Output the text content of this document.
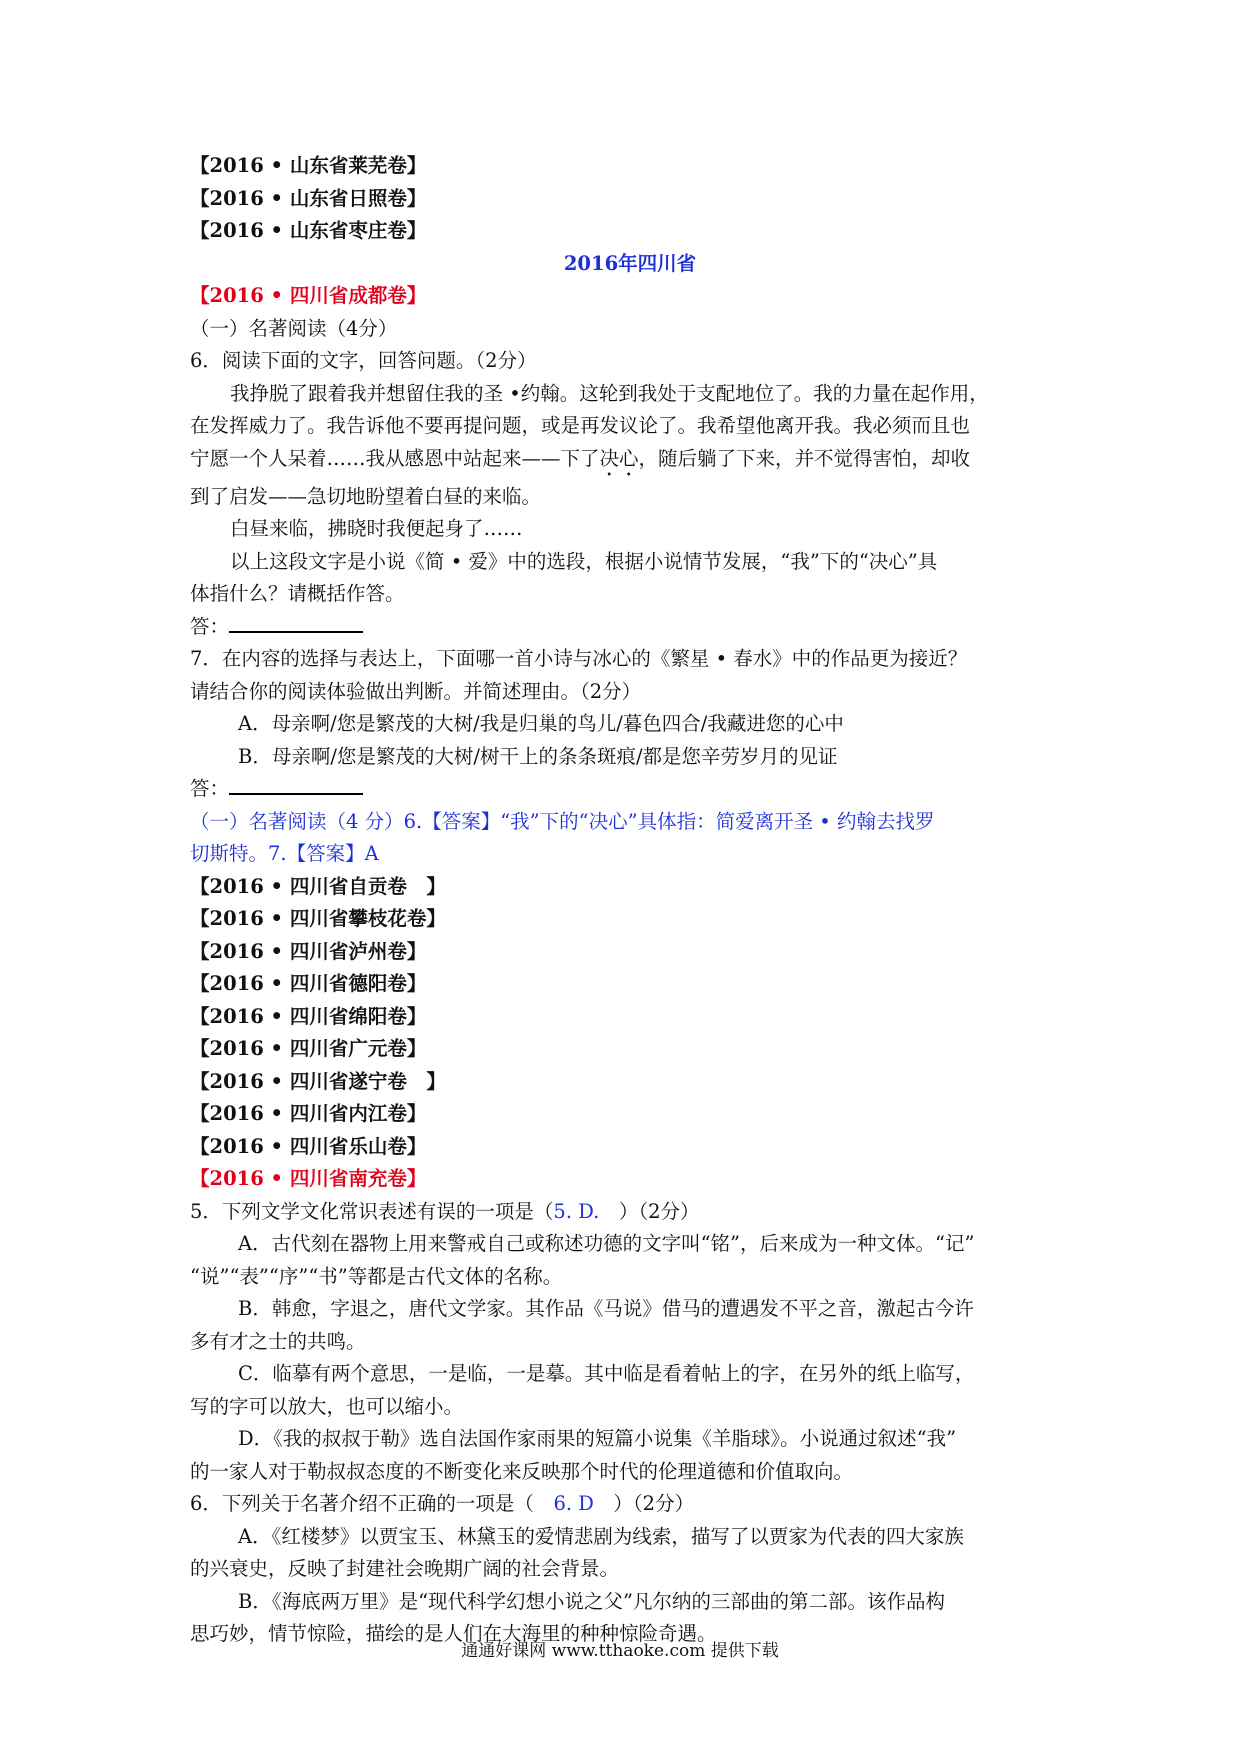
【2016 • 山东省莱芜卷】
【2016 • 山东省日照卷】
【2016 • 山东省枣庄卷】
2016年四川省
【2016 • 四川省成都卷】
（一）名著阅读（4分）
6．阅读下面的文字，回答问题。（2分）
我挣脱了跟着我并想留住我的圣 •约翰。这轮到我处于支配地位了。我的力量在起作用，
在发挥威力了。我告诉他不要再提问题，或是再发议论了。我希望他离开我。我必须而且也
宁愿一个人呆着……我从感恩中站起来——下了决心，随后躺了下来，并不觉得害怕，却收
到了启发——急切地盼望着白昼的来临。
白昼来临，拂晓时我便起身了……
以上这段文字是小说《简 • 爱》中的选段，根据小说情节发展，“我”下的“决心”具
体指什么？请概括作答。
答：
7．在内容的选择与表达上，下面哪一首小诗与冰心的《繁星 • 春水》中的作品更为接近？
请结合你的阅读体验做出判断。并简述理由。（2分）
A．母亲啊/您是繁茂的大树/我是归巢的鸟儿/暮色四合/我藏进您的心中
B．母亲啊/您是繁茂的大树/树干上的条条斑痕/都是您辛劳岁月的见证
答：
（一）名著阅读（4 分）6.【答案】“我”下的“决心”具体指：简爱离开圣 • 约翰去找罗
切斯特。7.【答案】A
【2016 • 四川省自贡卷　】
【2016 • 四川省攀枝花卷】
【2016 • 四川省泸州卷】
【2016 • 四川省德阳卷】
【2016 • 四川省绵阳卷】
【2016 • 四川省广元卷】
【2016 • 四川省遂宁卷　】
【2016 • 四川省内江卷】
【2016 • 四川省乐山卷】
【2016 • 四川省南充卷】
5．下列文学文化常识表述有误的一项是（5. D.　 ）（2分）
A．古代刻在器物上用来警戒自己或称述功德的文字叫“铭”，后来成为一种文体。“记”
“说”“表”“序”“书”等都是古代文体的名称。
B．韩愈，字退之，唐代文学家。其作品《马说》借马的遭遇发不平之音，激起古今许
多有才之士的共鸣。
C．临摹有两个意思，一是临，一是摹。其中临是看着帖上的字，在另外的纸上临写，
写的字可以放大，也可以缩小。
D．《我的叔叔于勒》选自法国作家雨果的短篇小说集《羊脂球》。小说通过叙述“我”
的一家人对于勒叔叔态度的不断变化来反映那个时代的伦理道德和价值取向。
6．下列关于名著介绍不正确的一项是（　 6. D　 ）（2分）
A．《红楼梦》以贾宝玉、林黛玉的爱情悲剧为线索，描写了以贾家为代表的四大家族
的兴衰史，反映了封建社会晚期广阔的社会背景。
B．《海底两万里》是“现代科学幻想小说之父”凡尔纳的三部曲的第二部。该作品构
思巧妙，情节惊险，描绘的是人们在大海里的种种惊险奇遇。
通通好课网 www.tthaoke.com 提供下载
